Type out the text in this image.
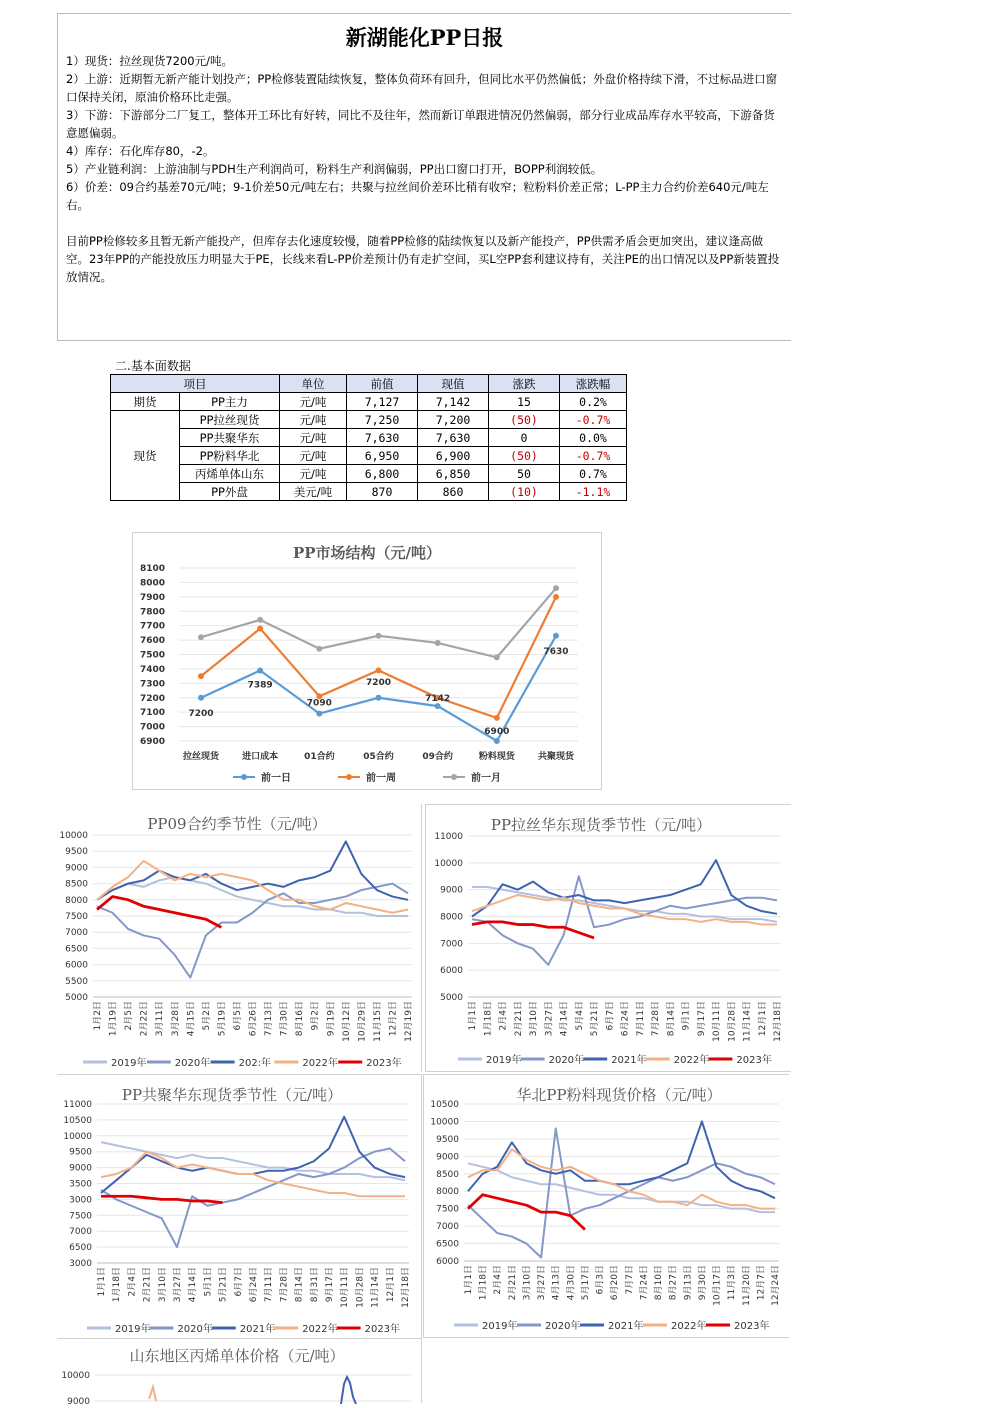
新湖能化PP日报

1）现货：拉丝现货7200元/吨。

2）上游：近期暂无新产能计划投产；PP检修装置陆续恢复，整体负荷环有回升，但同比水平仍然偏低；外盘价格持续下滑，不过标品进口窗口保持关闭，原油价格环比走强。

3）下游：下游部分二厂复工，整体开工环比有好转，同比不及往年，然而新订单跟进情况仍然偏弱，部分行业成品库存水平较高，下游备货意愿偏弱。

4）库存：石化库存80，-2。

5）产业链利润：上游油制与PDH生产利润尚可，粉料生产利润偏弱，PP出口窗口打开，BOPP利润较低。

6）价差：09合约基差70元/吨；9-1价差50元/吨左右；共聚与拉丝间价差环比稍有收窄；粒粉料价差正常；L-PP主力合约价差640元/吨左右。

目前PP检修较多且暂无新产能投产，但库存去化速度较慢，随着PP检修的陆续恢复以及新产能投产，PP供需矛盾会更加突出，建议逢高做空。23年PP的产能投放压力明显大于PE，长线来看L-PP价差预计仍有走扩空间，买L空PP套利建议持有，关注PE的出口情况以及PP新装置投放情况。

二.基本面数据
项目		单位	前值	现值	涨跌	涨跌幅
期货	PP主力	元/吨	7,127	7,142	15	0.2%
现货	PP拉丝现货	元/吨	7,250	7,200	(50)	-0.7%
	PP共聚华东	元/吨	7,630	7,630	0	0.0%
	PP粉料华北	元/吨	6,950	6,900	(50)	-0.7%
	丙烯单体山东	元/吨	6,800	6,850	50	0.7%
	PP外盘	美元/吨	870	860	(10)	-1.1%
PP市场结构（元/吨）
6900
7000
7100
7200
7300
7400
7500
7600
7700
7800
7900
8000
8100
拉丝现货	进口成本	01合约	05合约	09合约	粉料现货	共聚现货
7200
7389
7090
7200
7142
6900
7630
前一日	前一周	前一月
PP09合约季节性（元/吨）
5000
5500
6000
6500
7000
7500
8000
8500
9000
9500
10000
1月2日 1月19日 2月5日 2月22日 3月11日 3月28日 4月15日 5月2日 5月19日 6月5日 6月26日 7月13日 7月30日 8月16日 9月2日 9月19日 10月12日 10月29日 11月15日 12月2日 12月19日
2019年	2020年	202:年	2022年	2023年
PP拉丝华东现货季节性（元/吨）
5000
6000
7000
8000
9000
10000
11000
1月1日 1月18日 2月4日 2月21日 3月10日 3月27日 4月14日 5月4日 5月21日 6月7日 6月24日 7月11日 7月28日 8月14日 9月1日 9月17日 10月11日 10月28日 11月14日 12月1日 12月18日
2019年	2020年	2021年	2022年	2023年
PP共聚华东现货季节性（元/吨）
3000
6500
7000
7500
3000
3500
9000
9500
10000
10500
11000
1月1日 1月18日 2月4日 2月21日 3月10日 3月27日 4月14日 5月1日 5月21日 6月7日 6月24日 7月11日 7月28日 8月14日 8月31日 9月17日 10月11日 10月28日 11月14日 12月1日 12月18日
2019年	2020年	2021年	2022年	2023年
华北PP粉料现货价格（元/吨）
6000
6500
7000
7500
8000
8500
9000
9500
10000
10500
1月1日 1月18日 2月4日 2月21日 3月10日 3月27日 4月13日 4月30日 5月17日 6月3日 6月20日 7月7日 7月24日 8月10日 8月27日 9月13日 9月30日 10月17日 11月3日 11月20日 12月7日 12月24日
2019年	2020年	2021年	2022年	2023年
山东地区丙烯单体价格（元/吨）
10000
9000
